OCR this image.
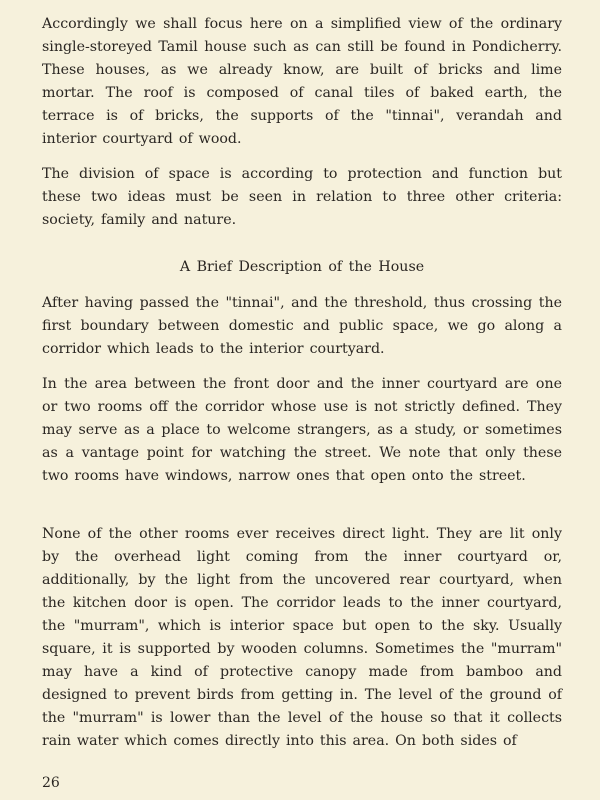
Accordingly we shall focus here on a simplified view of the ordinary single-storeyed Tamil house such as can still be found in Pondicherry. These houses, as we already know, are built of bricks and lime mortar. The roof is composed of canal tiles of baked earth, the terrace is of bricks, the supports of the "tinnai", verandah and interior courtyard of wood.

The division of space is according to protection and function but these two ideas must be seen in relation to three other criteria: society, family and nature.

A Brief Description of the House

After having passed the "tinnai", and the threshold, thus crossing the first boundary between domestic and public space, we go along a corridor which leads to the interior courtyard.

In the area between the front door and the inner courtyard are one or two rooms off the corridor whose use is not strictly defined. They may serve as a place to welcome strangers, as a study, or sometimes as a vantage point for watching the street. We note that only these two rooms have windows, narrow ones that open onto the street.

None of the other rooms ever receives direct light. They are lit only by the overhead light coming from the inner courtyard or, additionally, by the light from the uncovered rear courtyard, when the kitchen door is open. The corridor leads to the inner courtyard, the "murram", which is interior space but open to the sky. Usually square, it is supported by wooden columns. Sometimes the "murram" may have a kind of protective canopy made from bamboo and designed to prevent birds from getting in. The level of the ground of the "murram" is lower than the level of the house so that it collects rain water which comes directly into this area. On both sides of

26
